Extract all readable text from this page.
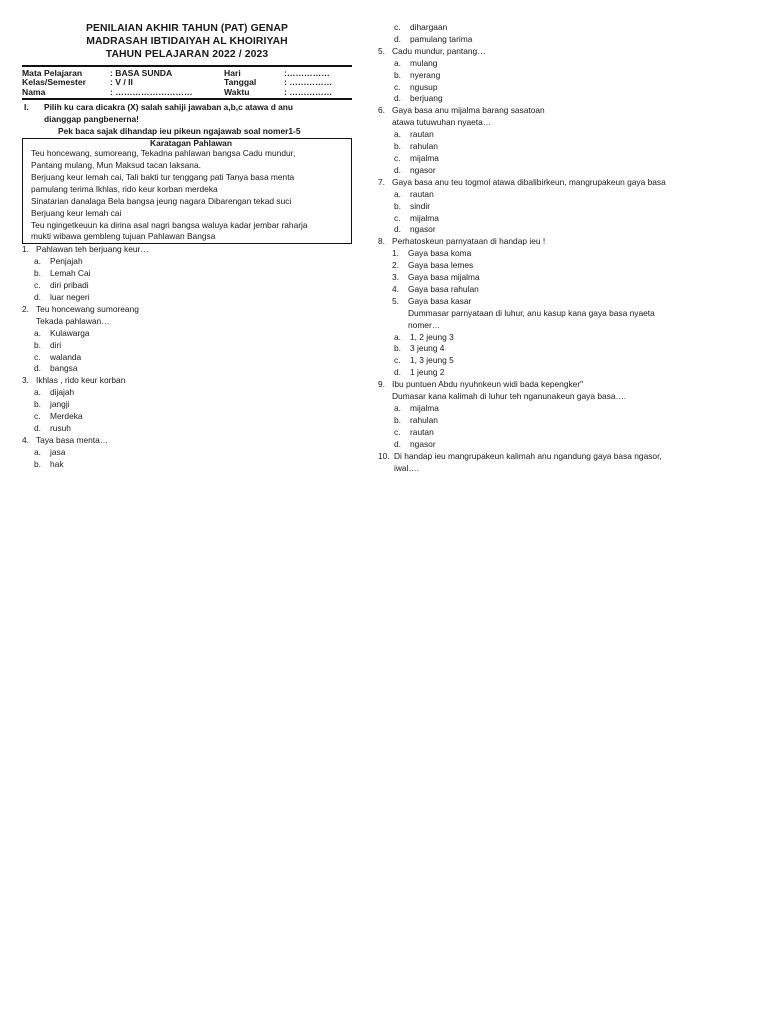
PENILAIAN AKHIR TAHUN (PAT) GENAP
MADRASAH IBTIDAIYAH AL KHOIRIYAH
TAHUN PELAJARAN 2022 / 2023
Mata Pelajaran	: BASA SUNDA	Hari	:……………
Kelas/Semester	: V / II	Tanggal	: ……………
Nama	: ………………………	Waktu	: ……………
I.	Pilih ku cara dicakra (X) salah sahiji jawaban a,b,c atawa d anu
dianggap pangbenerna!
Pek baca sajak dihandap ieu pikeun ngajawab soal nomer1-5
Karatagan Pahlawan
Teu honcewang, sumoreang, Tekadna pahlawan bangsa Cadu mundur,
Pantang mulang, Mun Maksud tacan laksana.
Berjuang keur lemah cai, Tali bakti tur tenggang pati Tanya basa menta
pamulang terima Ikhlas, rido keur korban merdeka
Sinatarian danalaga Bela bangsa jeung nagara Dibarengan tekad suci
Berjuang keur lemah cai
Teu ngingetkeuun ka dirina asal nagri bangsa waluya kadar jembar raharja
mukti wibawa gembleng tujuan Pahlawan Bangsa
1. Pahlawan teh berjuang keur…
a.	Penjajah
b.	Lemah Cai
c.	diri pribadi
d.	luar negeri
2. Teu honcewang sumoreang
Tekada pahlawan…
a.	Kulawarga
b.	diri
c.	walanda
d.	bangsa
3. Ikhlas , rido keur korban
a.	dijajah
b.	jangji
c.	Merdeka
d.	rusuh
4. Taya basa menta…
a.	jasa
b.	hak
c.	dihargaan
d.	pamulang tarima
5. Cadu mundur, pantang…
a.	mulang
b.	nyerang
c.	ngusup
d.	berjuang
6. Gaya basa anu mijalma barang sasatoan
atawa tutuwuhan nyaeta…
a.	rautan
b.	rahulan
c.	mijalma
d.	ngasor
7. Gaya basa anu teu togmol atawa dibalibirkeun, mangrupakeun gaya basa
a.	rautan
b.	sindir
c.	mijalma
d.	ngasor
8. Perhatoskeun parnyataan di handap ieu !
1.	Gaya basa koma
2.	Gaya basa lemes
3.	Gaya basa mijalma
4.	Gaya basa rahulan
5.	Gaya basa kasar
Dummasar parnyataan di luhur, anu kasup kana gaya basa nyaeta
nomer…
a.	1, 2 jeung 3
b.	3 jeung 4
c.	1, 3 jeung 5
d.	1 jeung 2
9. Ibu puntuen Abdu nyuhnkeun widi bada kepengker"
Dumasar kana kalimah di luhur teh nganunakeun gaya basa….
a.	mijalma
b.	rahulan
c.	rautan
d.	ngasor
10. Di handap ieu mangrupakeun kalimah anu ngandung gaya basa ngasor,
iwal….
